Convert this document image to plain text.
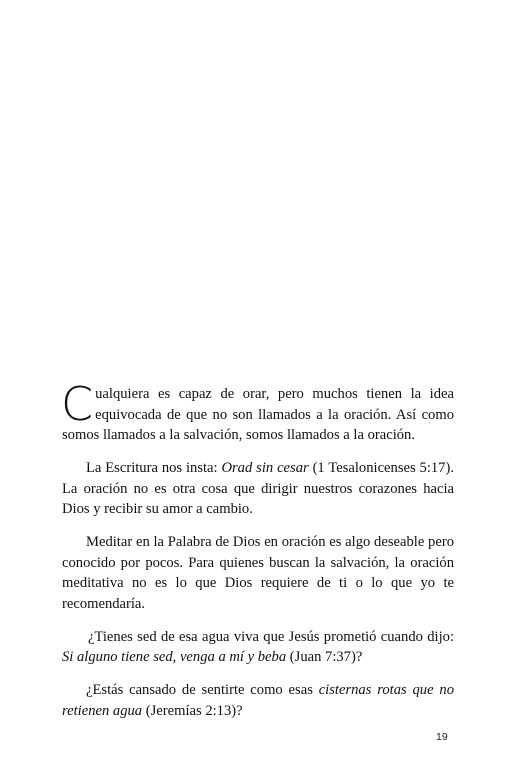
Cualquiera es capaz de orar, pero muchos tienen la idea equivocada de que no son llamados a la oración. Así como somos llamados a la salvación, somos llamados a la oración.

La Escritura nos insta: Orad sin cesar (1 Tesalonicenses 5:17). La oración no es otra cosa que dirigir nuestros corazones hacia Dios y recibir su amor a cambio.

Meditar en la Palabra de Dios en oración es algo deseable pero conocido por pocos. Para quienes buscan la salvación, la oración meditativa no es lo que Dios requiere de ti o lo que yo te recomendaría.

¿Tienes sed de esa agua viva que Jesús prometió cuando dijo: Si alguno tiene sed, venga a mí y beba (Juan 7:37)?

¿Estás cansado de sentirte como esas cisternas rotas que no retienen agua (Jeremías 2:13)?

19
